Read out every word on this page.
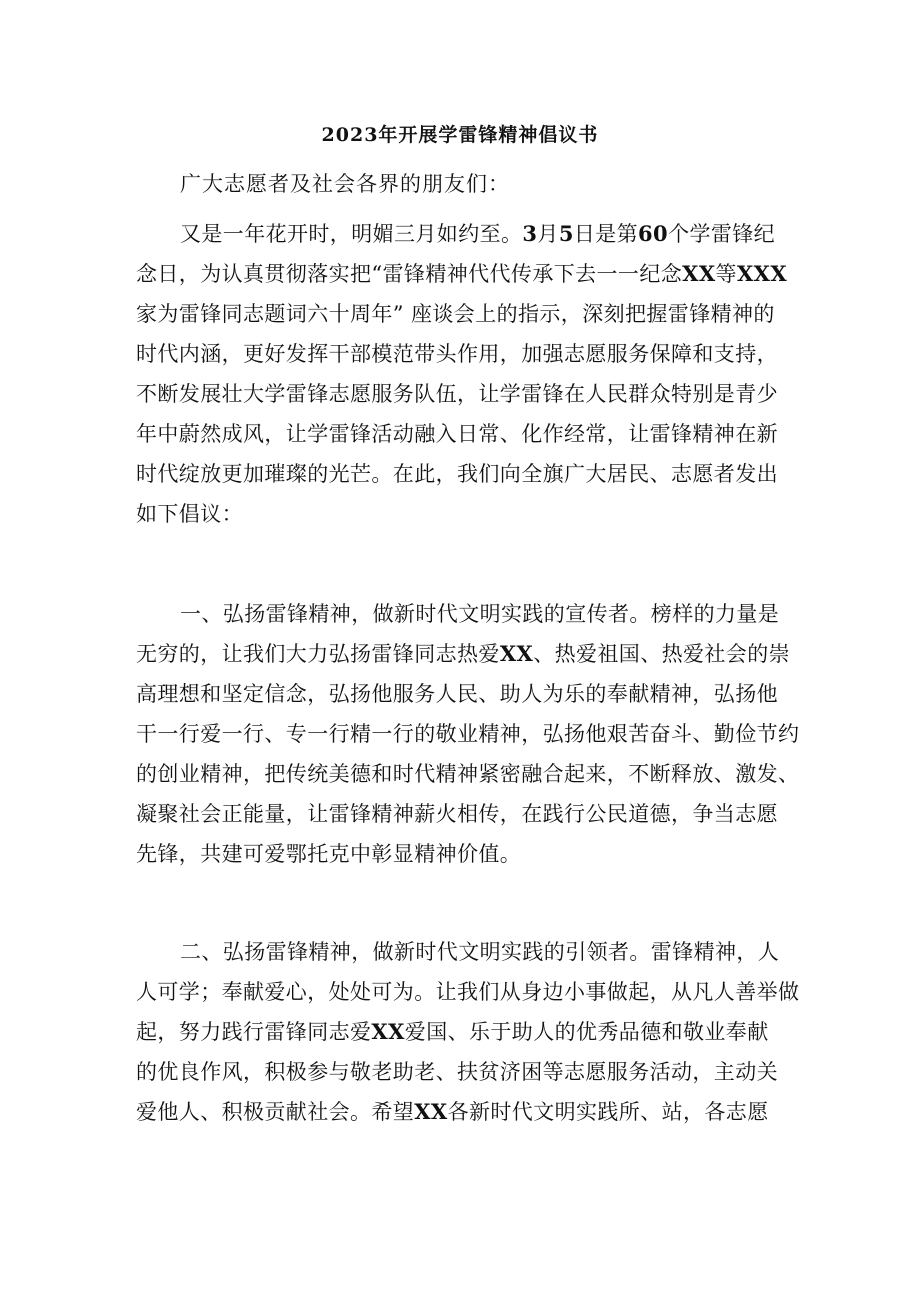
2023年开展学雷锋精神倡议书

广大志愿者及社会各界的朋友们：

又是一年花开时，明媚三月如约至。3月5日是第60个学雷锋纪
念日，为认真贯彻落实把“雷锋精神代代传承下去一一纪念XX等XXX
家为雷锋同志题词六十周年” 座谈会上的指示，深刻把握雷锋精神的
时代内涵，更好发挥干部模范带头作用，加强志愿服务保障和支持，
不断发展壮大学雷锋志愿服务队伍，让学雷锋在人民群众特别是青少
年中蔚然成风，让学雷锋活动融入日常、化作经常，让雷锋精神在新
时代绽放更加璀璨的光芒。在此，我们向全旗广大居民、志愿者发出
如下倡议：
一、弘扬雷锋精神，做新时代文明实践的宣传者。榜样的力量是
无穷的，让我们大力弘扬雷锋同志热爱XX、热爱祖国、热爱社会的崇
高理想和坚定信念，弘扬他服务人民、助人为乐的奉献精神，弘扬他
干一行爱一行、专一行精一行的敬业精神，弘扬他艰苦奋斗、勤俭节约
的创业精神，把传统美德和时代精神紧密融合起来，不断释放、激发、
凝聚社会正能量，让雷锋精神薪火相传，在践行公民道德，争当志愿
先锋，共建可爱鄂托克中彰显精神价值。
二、弘扬雷锋精神，做新时代文明实践的引领者。雷锋精神，人
人可学；奉献爱心，处处可为。让我们从身边小事做起，从凡人善举做
起，努力践行雷锋同志爱XX爱国、乐于助人的优秀品德和敬业奉献
的优良作风，积极参与敬老助老、扶贫济困等志愿服务活动，主动关
爱他人、积极贡献社会。希望XX各新时代文明实践所、站，各志愿
